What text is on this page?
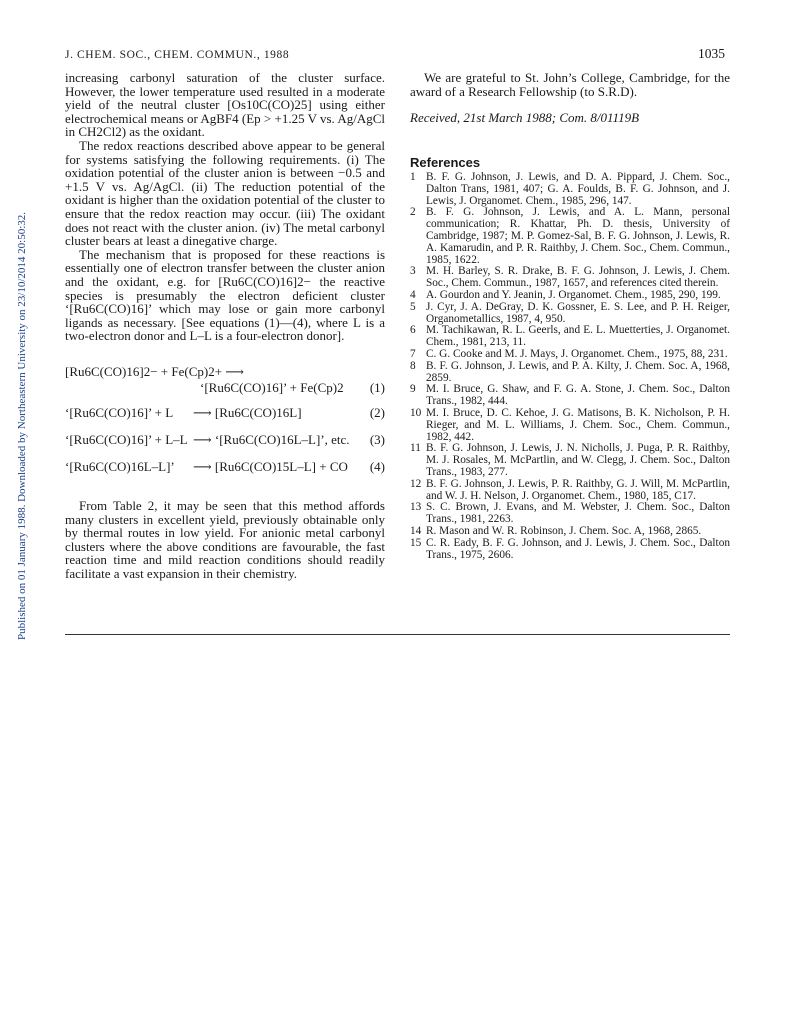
J. CHEM. SOC., CHEM. COMMUN., 1988	1035
Published on 01 January 1988. Downloaded by Northeastern University on 23/10/2014 20:50:32.

increasing carbonyl saturation of the cluster surface. However, the lower temperature used resulted in a moderate yield of the neutral cluster [Os10C(CO)25] using either electrochemical means or AgBF4 (Ep > +1.25 V vs. Ag/AgCl in CH2Cl2) as the oxidant.

The redox reactions described above appear to be general for systems satisfying the following requirements. (i) The oxidation potential of the cluster anion is between −0.5 and +1.5 V vs. Ag/AgCl. (ii) The reduction potential of the oxidant is higher than the oxidation potential of the cluster to ensure that the redox reaction may occur. (iii) The oxidant does not react with the cluster anion. (iv) The metal carbonyl cluster bears at least a dinegative charge.

The mechanism that is proposed for these reactions is essentially one of electron transfer between the cluster anion and the oxidant, e.g. for [Ru6C(CO)16]2− the reactive species is presumably the electron deficient cluster ‘[Ru6C(CO)16]’ which may lose or gain more carbonyl ligands as necessary. [See equations (1)—(4), where L is a two-electron donor and L–L is a four-electron donor].

[Ru6C(CO)16]2− + Fe(Cp)2+ ⟶
‘[Ru6C(CO)16]’ + Fe(Cp)2 (1)
‘[Ru6C(CO)16]’ + L ⟶ [Ru6C(CO)16L]	(2)
‘[Ru6C(CO)16]’ + L–L ⟶ ‘[Ru6C(CO)16L–L]’, etc. (3)
‘[Ru6C(CO)16L–L]’ ⟶ [Ru6C(CO)15L–L] + CO (4)

From Table 2, it may be seen that this method affords many clusters in excellent yield, previously obtainable only by thermal routes in low yield. For anionic metal carbonyl clusters where the above conditions are favourable, the fast reaction time and mild reaction conditions should readily facilitate a vast expansion in their chemistry.

We are grateful to St. John’s College, Cambridge, for the award of a Research Fellowship (to S.R.D).

Received, 21st March 1988; Com. 8/01119B

References
1 B. F. G. Johnson, J. Lewis, and D. A. Pippard, J. Chem. Soc., Dalton Trans, 1981, 407; G. A. Foulds, B. F. G. Johnson, and J. Lewis, J. Organomet. Chem., 1985, 296, 147.
2 B. F. G. Johnson, J. Lewis, and A. L. Mann, personal communication; R. Khattar, Ph. D. thesis, University of Cambridge, 1987; M. P. Gomez-Sal, B. F. G. Johnson, J. Lewis, R. A. Kamarudin, and P. R. Raithby, J. Chem. Soc., Chem. Commun., 1985, 1622.
3 M. H. Barley, S. R. Drake, B. F. G. Johnson, J. Lewis, J. Chem. Soc., Chem. Commun., 1987, 1657, and references cited therein.
4 A. Gourdon and Y. Jeanin, J. Organomet. Chem., 1985, 290, 199.
5 J. Cyr, J. A. DeGray, D. K. Gossner, E. S. Lee, and P. H. Reiger, Organometallics, 1987, 4, 950.
6 M. Tachikawan, R. L. Geerls, and E. L. Muetterties, J. Organomet. Chem., 1981, 213, 11.
7 C. G. Cooke and M. J. Mays, J. Organomet. Chem., 1975, 88, 231.
8 B. F. G. Johnson, J. Lewis, and P. A. Kilty, J. Chem. Soc. A, 1968, 2859.
9 M. I. Bruce, G. Shaw, and F. G. A. Stone, J. Chem. Soc., Dalton Trans., 1982, 444.
10 M. I. Bruce, D. C. Kehoe, J. G. Matisons, B. K. Nicholson, P. H. Rieger, and M. L. Williams, J. Chem. Soc., Chem. Commun., 1982, 442.
11 B. F. G. Johnson, J. Lewis, J. N. Nicholls, J. Puga, P. R. Raithby, M. J. Rosales, M. McPartlin, and W. Clegg, J. Chem. Soc., Dalton Trans., 1983, 277.
12 B. F. G. Johnson, J. Lewis, P. R. Raithby, G. J. Will, M. McPartlin, and W. J. H. Nelson, J. Organomet. Chem., 1980, 185, C17.
13 S. C. Brown, J. Evans, and M. Webster, J. Chem. Soc., Dalton Trans., 1981, 2263.
14 R. Mason and W. R. Robinson, J. Chem. Soc. A, 1968, 2865.
15 C. R. Eady, B. F. G. Johnson, and J. Lewis, J. Chem. Soc., Dalton Trans., 1975, 2606.
